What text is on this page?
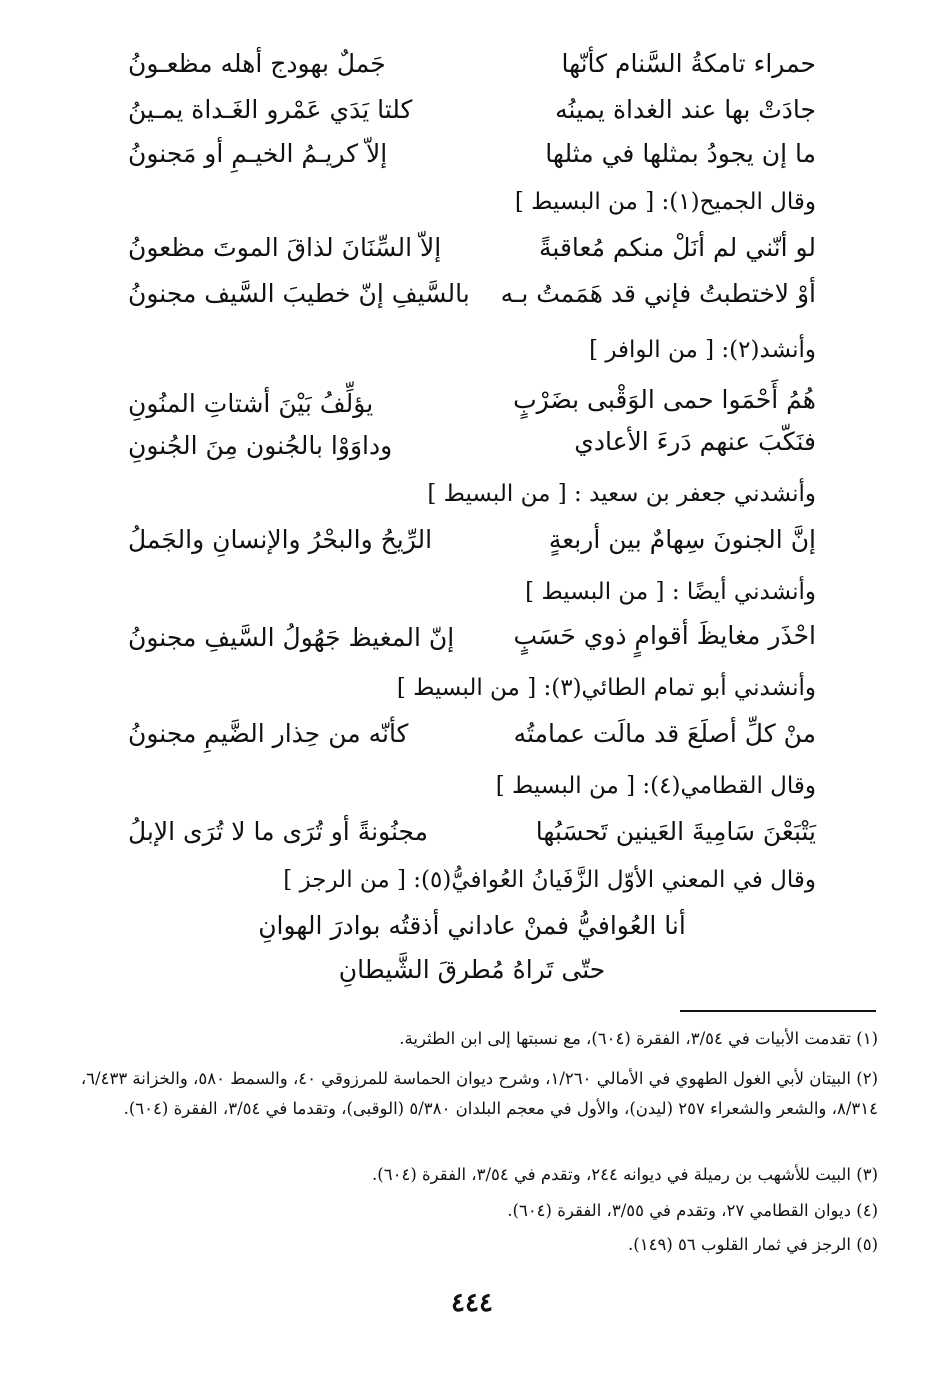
حمراء تامكةُ السَّنام كأنّها
جَملٌ بهودج أهله مظعـونُ
جادَتْ بها عند الغداة يمينُه
كلتا يَدَي عَمْرو الغَـداة يمـينُ
ما إن يجودُ بمثلها في مثلها
إلاّ كريـمُ الخيـمِ أو مَجنونُ
وقال الجميح(١): [ من البسيط ]
لو أنّني لم أنَلْ منكم مُعاقبةً
إلاّ السِّنَانَ لذاقَ الموتَ مظعونُ
أوْ لاختطبتُ فإني قد هَمَمتُ بـه
بالسَّيفِ إنّ خطيبَ السَّيف مجنونُ
وأنشد(٢): [ من الوافر ]
هُمُ أَحْمَوا حمى الوَقْبى بضَرْبٍ
يؤلِّفُ بَيْنَ أشتاتِ المنُونِ
فنَكّبَ عنهم دَرءَ الأعادي
وداوَوْا بالجُنون مِنَ الجُنونِ
وأنشدني جعفر بن سعيد : [ من البسيط ]
إنَّ الجنونَ سِهامٌ بين أربعةٍ
الرِّيحُ والبحْرُ والإنسانِ والجَملُ
وأنشدني أيضًا : [ من البسيط ]
احْذَر مغايظَ أقوامٍ ذوي حَسَبٍ
إنّ المغيظ جَهُولُ السَّيفِ مجنونُ
وأنشدني أبو تمام الطائي(٣): [ من البسيط ]
منْ كلِّ أصلَعَ قد مالَت عمامتُه
كأنّه من حِذار الضَّيمِ مجنونُ
وقال القطامي(٤): [ من البسيط ]
يَتْبَعْنَ سَامِيةَ العَينين تَحسَبُها
مجنُونةً أو تُرَى ما لا تُرَى الإبلُ
وقال في المعني الأوّل الزَّفَيانُ العُوافيُّ(٥): [ من الرجز ]
أنا العُوافيُّ فمنْ عاداني أذقتُه بوادرَ الهوانِ
حتّى تَراهُ مُطرقَ الشَّيطانِ
(١) تقدمت الأبيات في ٣/٥٤، الفقرة (٦٠٤)، مع نسبتها إلى ابن الطثرية.
(٢) البيتان لأبي الغول الطهوي في الأمالي ١/٢٦٠، وشرح ديوان الحماسة للمرزوقي ٤٠، والسمط ٥٨٠، والخزانة ٦/٤٣٣، ٨/٣١٤، والشعر والشعراء ٢٥٧ (ليدن)، والأول في معجم البلدان ٥/٣٨٠ (الوقبى)، وتقدما في ٣/٥٤، الفقرة (٦٠٤).
(٣) البيت للأشهب بن رميلة في ديوانه ٢٤٤، وتقدم في ٣/٥٤، الفقرة (٦٠٤).
(٤) ديوان القطامي ٢٧، وتقدم في ٣/٥٥، الفقرة (٦٠٤).
(٥) الرجز في ثمار القلوب ٥٦ (١٤٩).
٤٤٤
